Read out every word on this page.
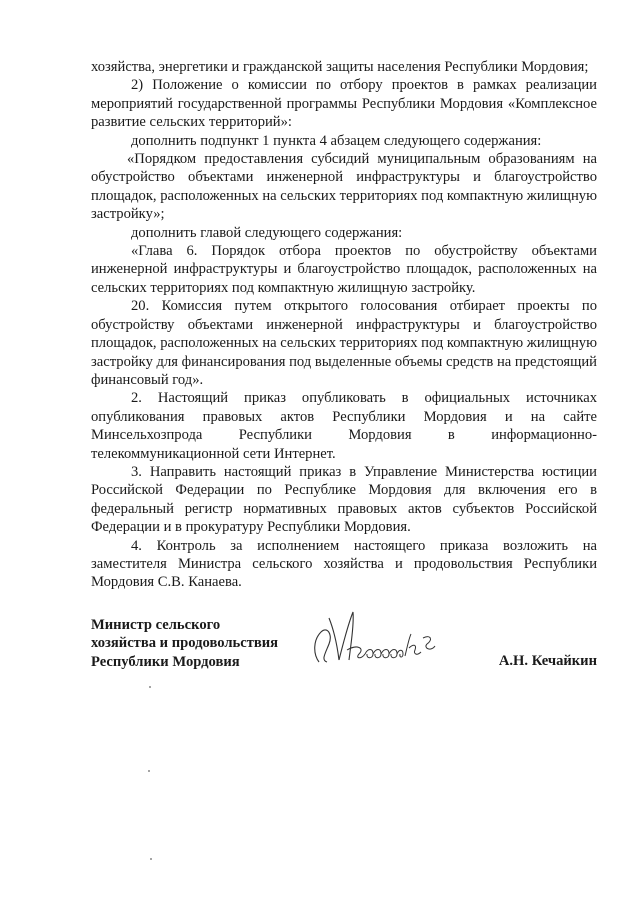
хозяйства, энергетики и гражданской защиты населения Республики Мордовия;

2) Положение о комиссии по отбору проектов в рамках реализации мероприятий государственной программы Республики Мордовия «Комплексное развитие сельских территорий»:

дополнить подпункт 1 пункта 4 абзацем следующего содержания:

«Порядком предоставления субсидий муниципальным образованиям на обустройство объектами инженерной инфраструктуры и благоустройство площадок, расположенных на сельских территориях под компактную жилищную застройку»;

дополнить главой следующего содержания:

«Глава 6. Порядок отбора проектов по обустройству объектами инженерной инфраструктуры и благоустройство площадок, расположенных на сельских территориях под компактную жилищную застройку.

20. Комиссия путем открытого голосования отбирает проекты по обустройству объектами инженерной инфраструктуры и благоустройство площадок, расположенных на сельских территориях под компактную жилищную застройку для финансирования под выделенные объемы средств на предстоящий финансовый год».

2. Настоящий приказ опубликовать в официальных источниках опубликования правовых актов Республики Мордовия и на сайте Минсельхозпрода Республики Мордовия в информационно-телекоммуникационной сети Интернет.

3. Направить настоящий приказ в Управление Министерства юстиции Российской Федерации по Республике Мордовия для включения его в федеральный регистр нормативных правовых актов субъектов Российской Федерации и в прокуратуру Республики Мордовия.

4. Контроль за исполнением настоящего приказа возложить на заместителя Министра сельского хозяйства и продовольствия Республики Мордовия С.В. Канаева.

Министр сельского
хозяйства и продовольствия
Республики Мордовия	А.Н. Кечайкин
